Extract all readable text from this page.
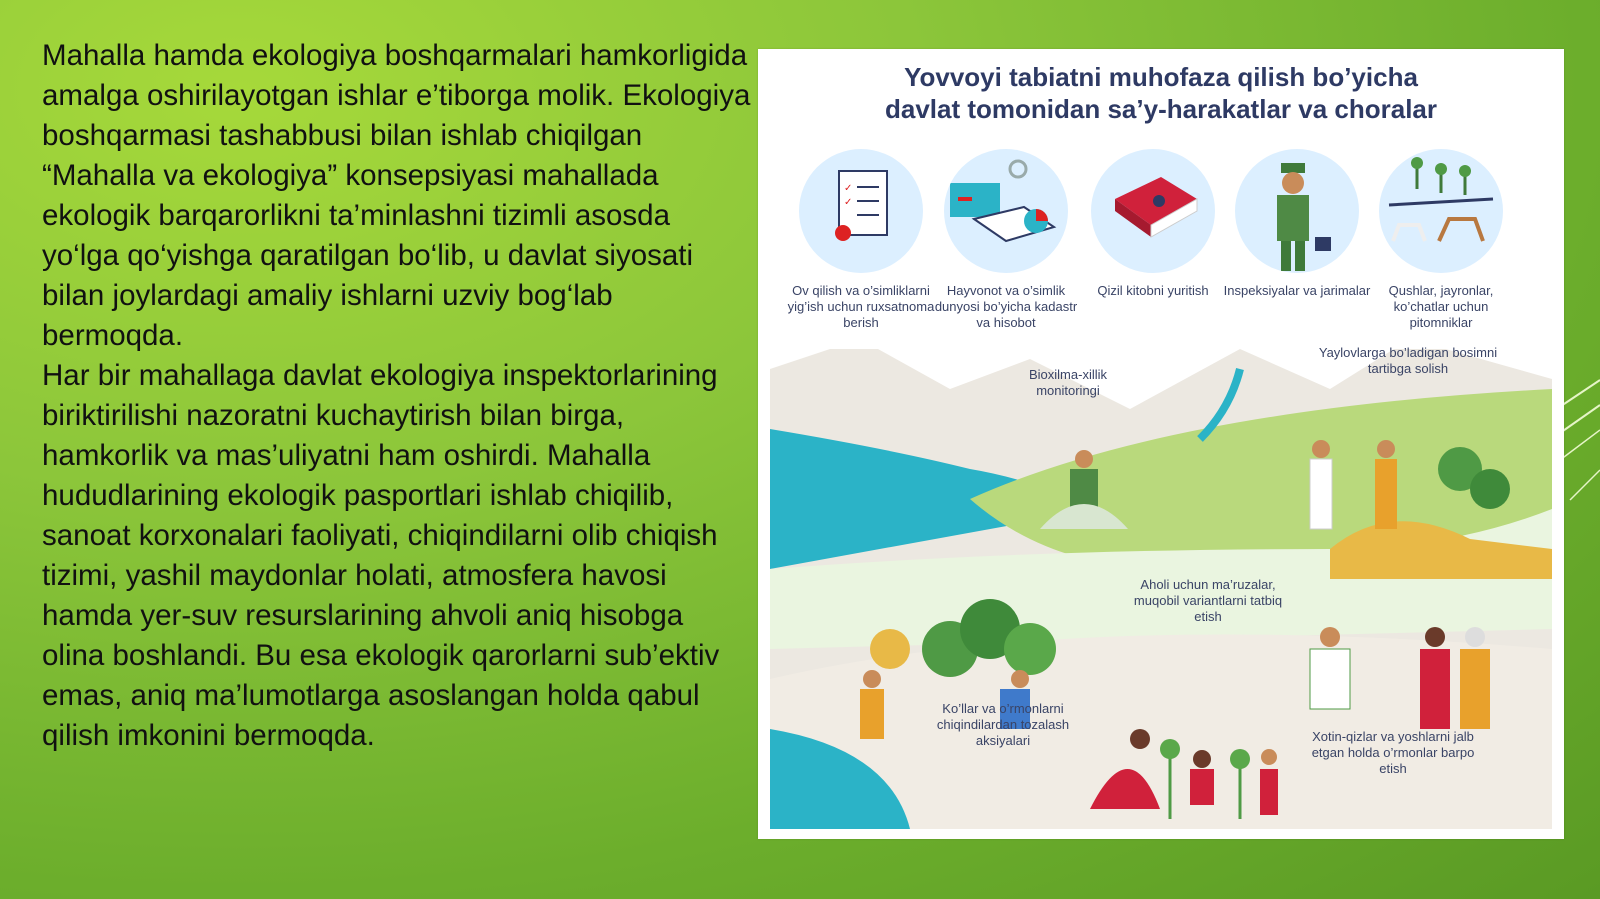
Mahalla hamda ekologiya boshqarmalari hamkorligida amalga oshirilayotgan ishlar e’tiborga molik. Ekologiya boshqarmasi tashabbusi bilan ishlab chiqilgan “Mahalla va ekologiya” konsepsiyasi mahallada ekologik barqarorlikni ta’minlashni tizimli asosda yo‘lga qo‘yishga qaratilgan bo‘lib, u davlat siyosati bilan joylardagi amaliy ishlarni uzviy bog‘lab bermoqda.

Har bir mahallaga davlat ekologiya inspektorlarining biriktirilishi nazoratni kuchaytirish bilan birga, hamkorlik va mas’uliyatni ham oshirdi. Mahalla hududlarining ekologik pasportlari ishlab chiqilib, sanoat korxonalari faoliyati, chiqindilarni olib chiqish tizimi, yashil maydonlar holati, atmosfera havosi hamda yer-suv resurslarining ahvoli aniq hisobga olina boshlandi. Bu esa ekologik qarorlarni sub’ektiv emas, aniq ma’lumotlarga asoslangan holda qabul qilish imkonini bermoqda.

Yovvoyi tabiatni muhofaza qilish bo’yicha
davlat tomonidan sa’y-harakatlar va choralar
✓
✓
Ov qilish va o’simliklarni yig’ish uchun ruxsatnoma berish
Hayvonot va o’simlik dunyosi bo’yicha kadastr va hisobot
Qizil kitobni yuritish	Inspeksiyalar va jarimalar	Qushlar, jayronlar, ko’chatlar uchun pitomniklar
Bioxilma-xillik monitoringi
Yaylovlarga bo’ladigan bosimni tartibga solish
Aholi uchun ma’ruzalar, muqobil variantlarni tatbiq etish
Ko’llar va o’rmonlarni chiqindilardan tozalash aksiyalari	Xotin-qizlar va yoshlarni jalb etgan holda o’rmonlar barpo etish
